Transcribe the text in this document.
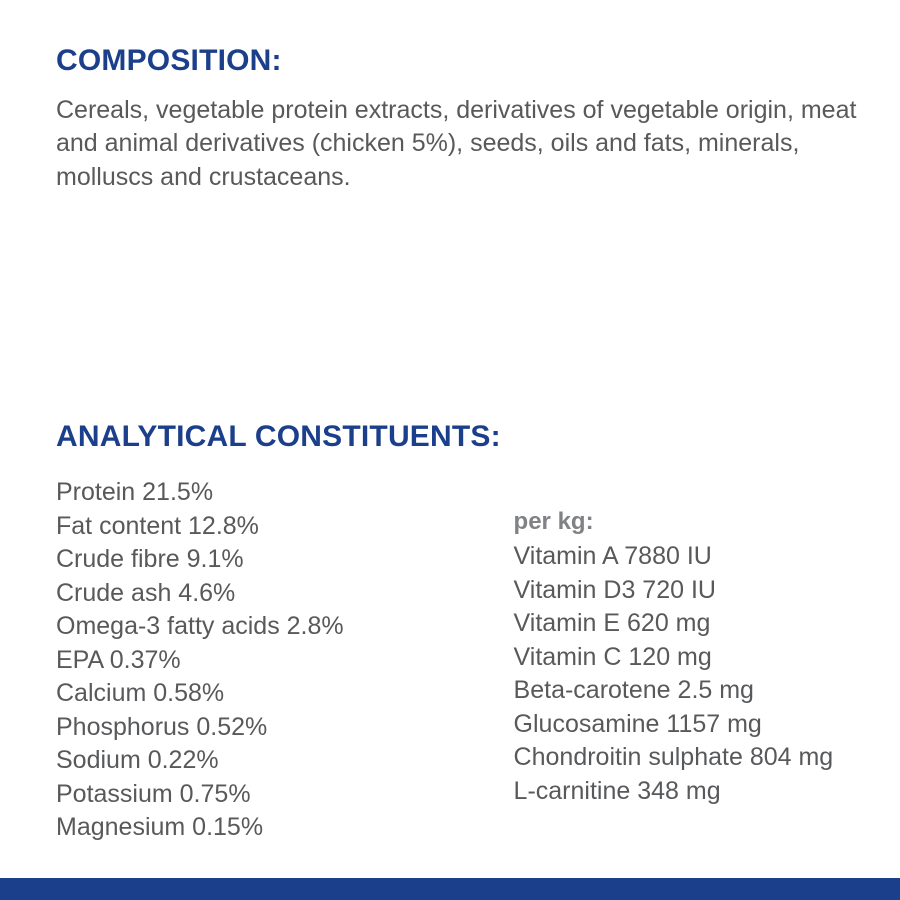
COMPOSITION:

Cereals, vegetable protein extracts, derivatives of vegetable origin, meat and animal derivatives (chicken 5%), seeds, oils and fats, minerals, molluscs and crustaceans.

ANALYTICAL CONSTITUENTS:
Protein 21.5%
Fat content 12.8%
Crude fibre 9.1%
Crude ash 4.6%
Omega-3 fatty acids 2.8%
EPA 0.37%
Calcium 0.58%
Phosphorus 0.52%
Sodium 0.22%
Potassium 0.75%
Magnesium 0.15%

per kg:

Vitamin A 7880 IU
Vitamin D3 720 IU
Vitamin E 620 mg
Vitamin C 120 mg
Beta-carotene 2.5 mg
Glucosamine 1157 mg
Chondroitin sulphate 804 mg
L-carnitine 348 mg
